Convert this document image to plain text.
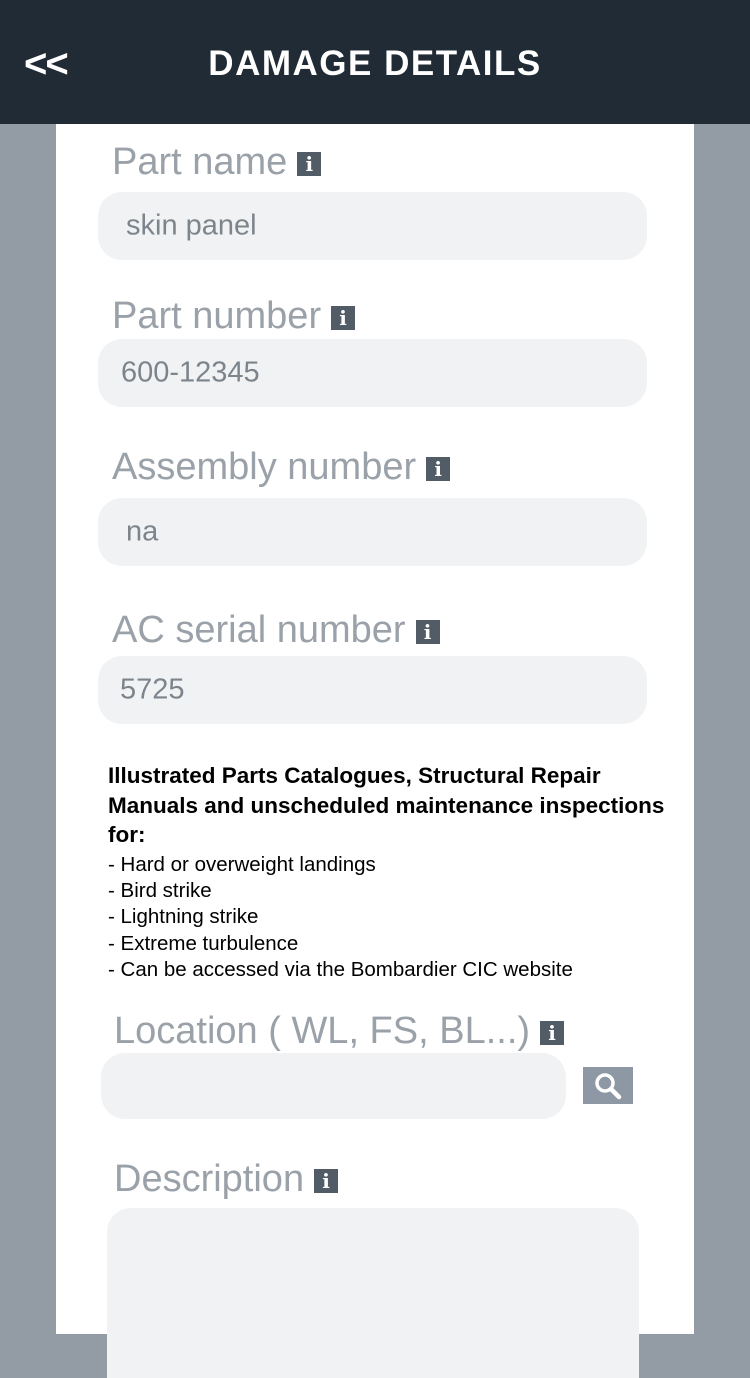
<<	DAMAGE DETAILS
Part name i
skin panel
Part number i
600-12345
Assembly number i
na
AC serial number i
5725
Illustrated Parts Catalogues, Structural Repair Manuals and unscheduled maintenance inspections for:
- Hard or overweight landings
- Bird strike
- Lightning strike
- Extreme turbulence
- Can be accessed via the Bombardier CIC website
Location ( WL, FS, BL...) i
Description i
